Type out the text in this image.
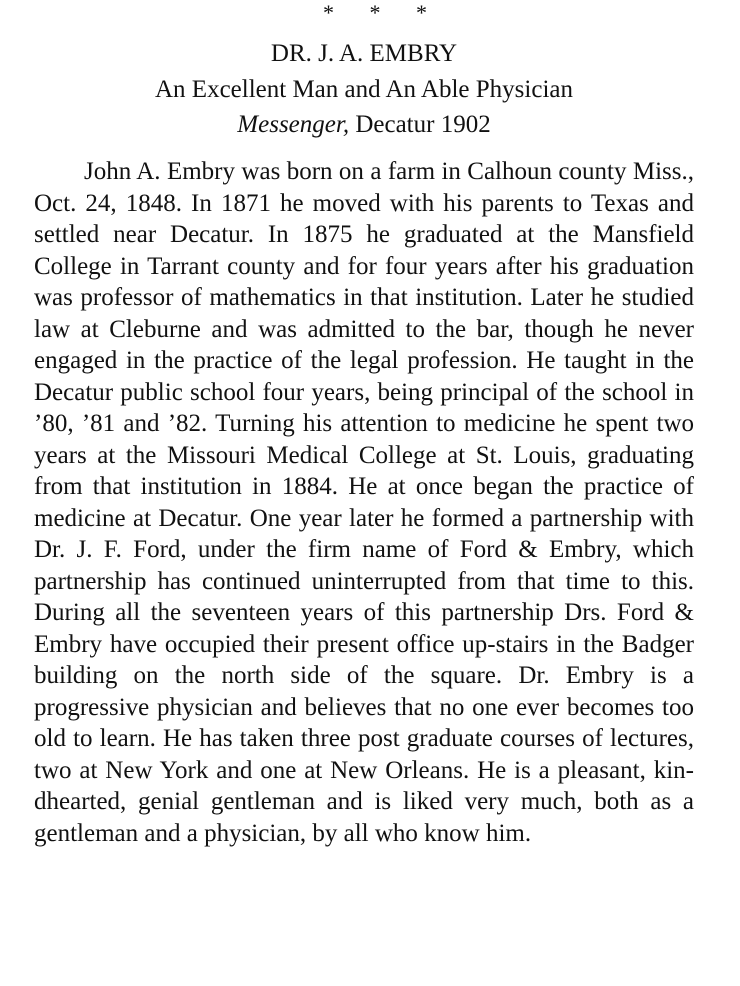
* * *
DR. J. A. EMBRY
An Excellent Man and An Able Physician
Messenger, Decatur 1902

John A. Embry was born on a farm in Calhoun county Miss., Oct. 24, 1848. In 1871 he moved with his parents to Texas and settled near Decatur. In 1875 he graduated at the Mansfield College in Tarrant county and for four years after his graduation was professor of mathematics in that institution. Later he studied law at Cleburne and was admitted to the bar, though he never engaged in the practice of the legal profession. He taught in the Decatur public school four years, being principal of the school in ’80, ’81 and ’82. Turning his attention to medicine he spent two years at the Missouri Medical College at St. Louis, graduating from that institution in 1884. He at once began the practice of medicine at Decatur. One year later he formed a partnership with Dr. J. F. Ford, under the firm name of Ford & Embry, which partnership has continued uninterrupted from that time to this. During all the seventeen years of this partnership Drs. Ford & Embry have occupied their present office up-stairs in the Badger building on the north side of the square. Dr. Embry is a progressive physician and believes that no one ever becomes too old to learn. He has taken three post graduate courses of lectures, two at New York and one at New Orleans. He is a pleasant, kindhearted, genial gentleman and is liked very much, both as a gentleman and a physician, by all who know him.
